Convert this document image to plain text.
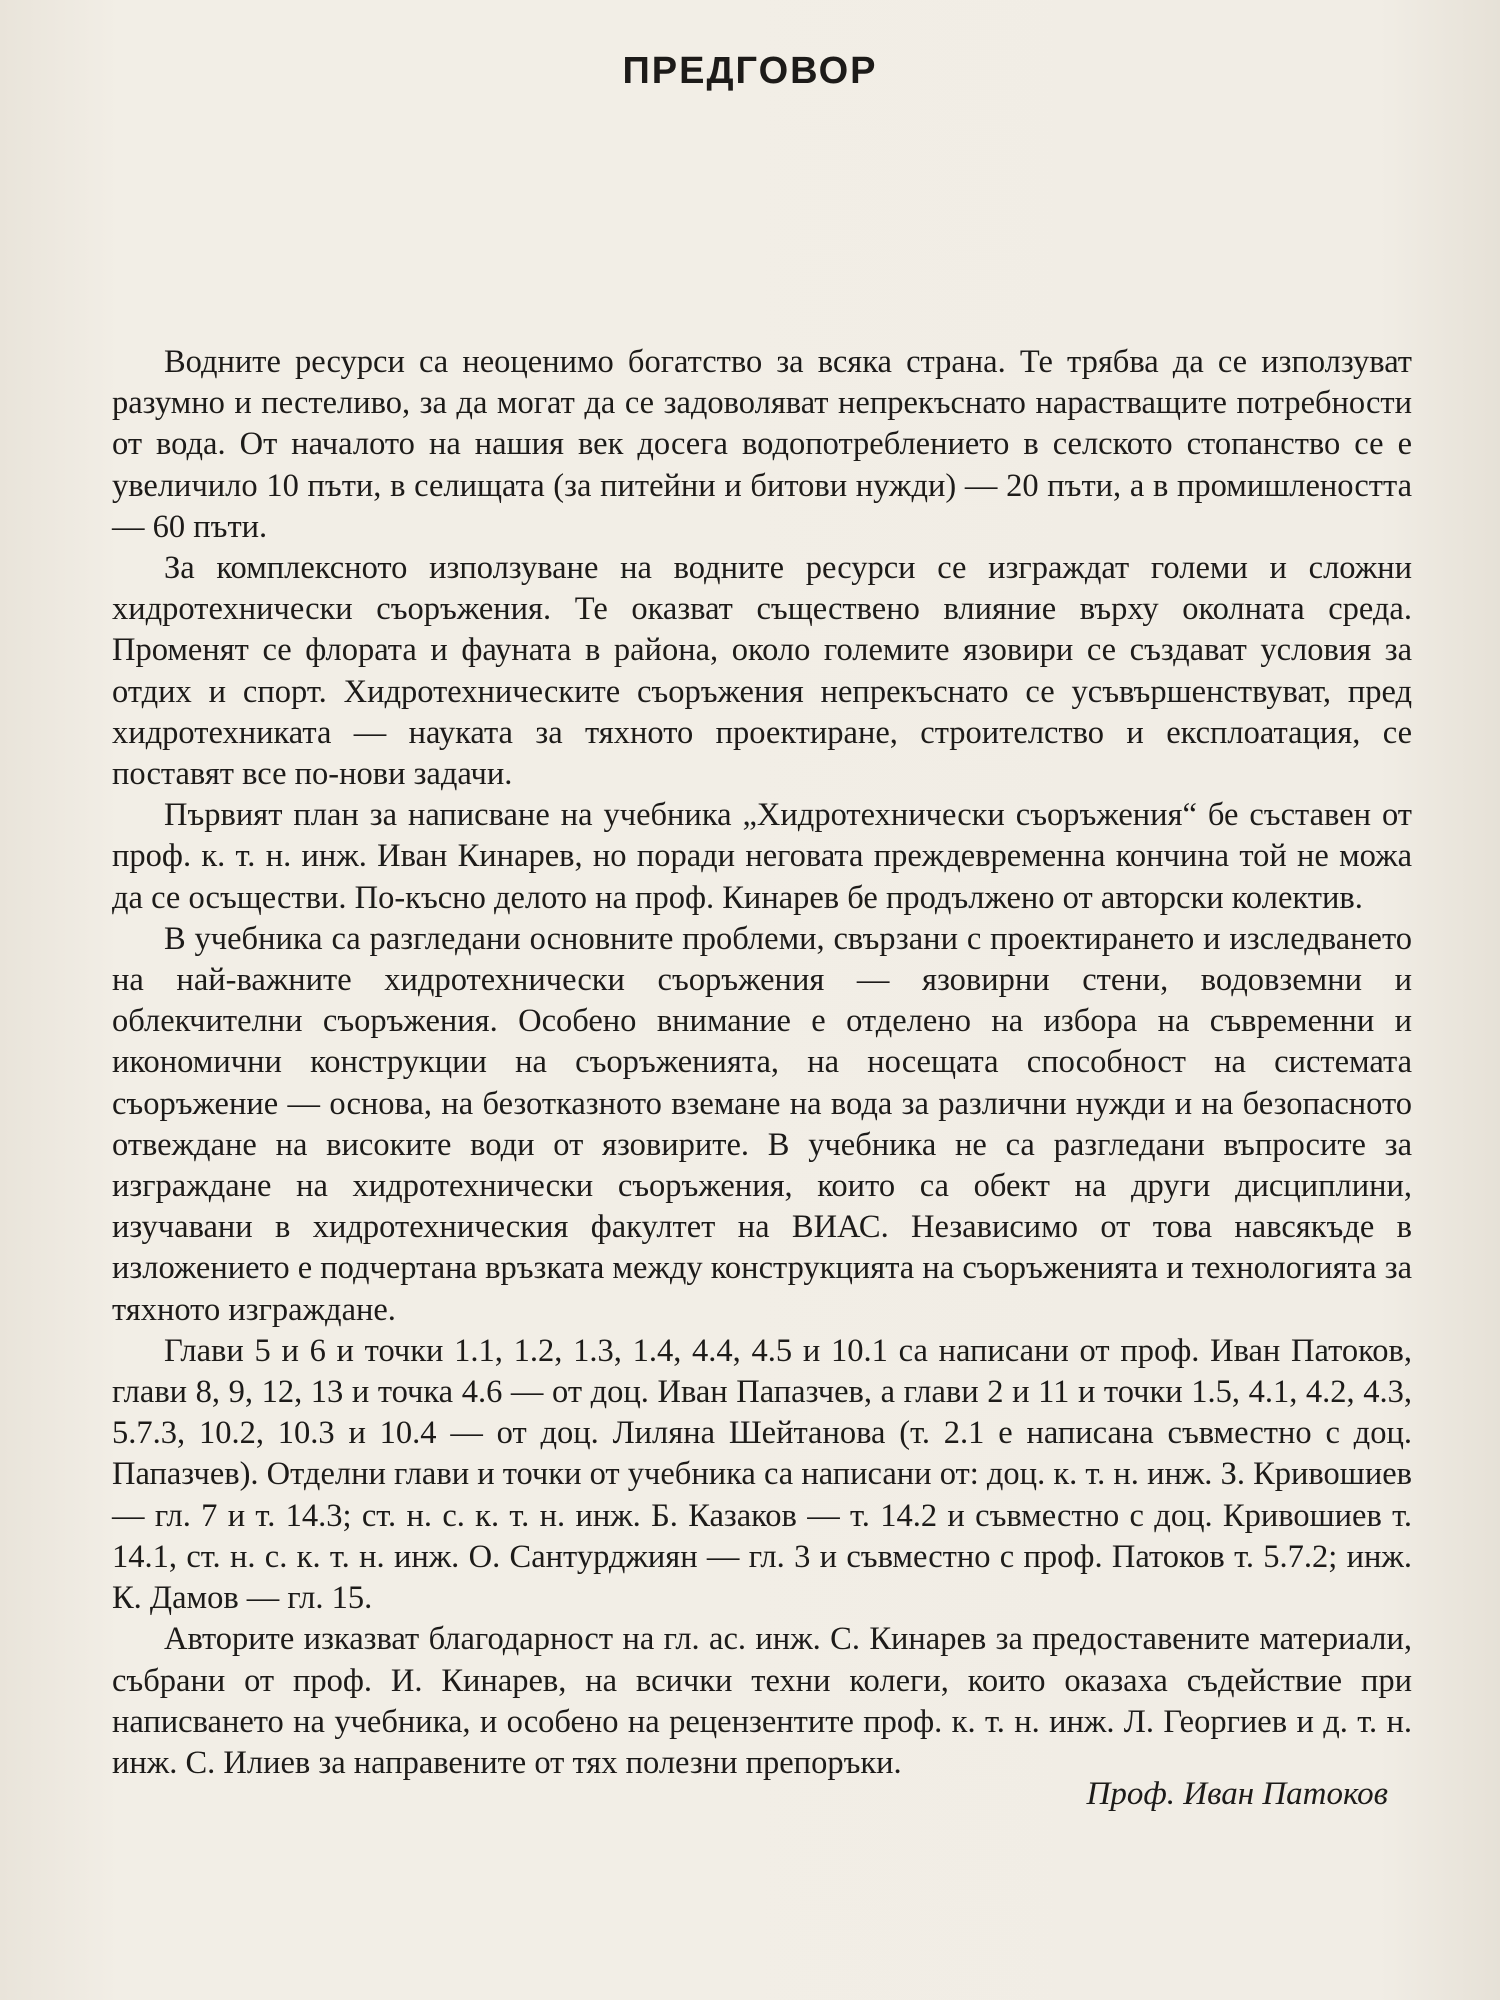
ПРЕДГОВОР

Водните ресурси са неоценимо богатство за всяка страна. Те трябва да се използуват разумно и пестеливо, за да могат да се задоволяват непрекъснато нарастващите потребности от вода. От началото на нашия век досега водопотреблението в селското стопанство се е увеличило 10 пъти, в селищата (за питейни и битови нужди) — 20 пъти, а в промишлеността — 60 пъти.

За комплексното използуване на водните ресурси се изграждат големи и сложни хидротехнически съоръжения. Те оказват съществено влияние върху околната среда. Променят се флората и фауната в района, около големите язовири се създават условия за отдих и спорт. Хидротехническите съоръжения непрекъснато се усъвършенствуват, пред хидротехниката — науката за тяхното проектиране, строителство и експлоатация, се поставят все по-нови задачи.

Първият план за написване на учебника „Хидротехнически съоръжения“ бе съставен от проф. к. т. н. инж. Иван Кинарев, но поради неговата преждевременна кончина той не можа да се осъществи. По-късно делото на проф. Кинарев бе продължено от авторски колектив.

В учебника са разгледани основните проблеми, свързани с проектирането и изследването на най-важните хидротехнически съоръжения — язовирни стени, водовземни и облекчителни съоръжения. Особено внимание е отделено на избора на съвременни и икономични конструкции на съоръженията, на носещата способност на системата съоръжение — основа, на безотказното вземане на вода за различни нужди и на безопасното отвеждане на високите води от язовирите. В учебника не са разгледани въпросите за изграждане на хидротехнически съоръжения, които са обект на други дисциплини, изучавани в хидротехническия факултет на ВИАС. Независимо от това навсякъде в изложението е подчертана връзката между конструкцията на съоръженията и технологията за тяхното изграждане.

Глави 5 и 6 и точки 1.1, 1.2, 1.3, 1.4, 4.4, 4.5 и 10.1 са написани от проф. Иван Патоков, глави 8, 9, 12, 13 и точка 4.6 — от доц. Иван Папазчев, а глави 2 и 11 и точки 1.5, 4.1, 4.2, 4.3, 5.7.3, 10.2, 10.3 и 10.4 — от доц. Лиляна Шейтанова (т. 2.1 е написана съвместно с доц. Папазчев). Отделни глави и точки от учебника са написани от: доц. к. т. н. инж. З. Кривошиев — гл. 7 и т. 14.3; ст. н. с. к. т. н. инж. Б. Казаков — т. 14.2 и съвместно с доц. Кривошиев т. 14.1, ст. н. с. к. т. н. инж. О. Сантурджиян — гл. 3 и съвместно с проф. Патоков т. 5.7.2; инж. К. Дамов — гл. 15.

Авторите изказват благодарност на гл. ас. инж. С. Кинарев за предоставените материали, събрани от проф. И. Кинарев, на всички техни колеги, които оказаха съдействие при написването на учебника, и особено на рецензентите проф. к. т. н. инж. Л. Георгиев и д. т. н. инж. С. Илиев за направените от тях полезни препоръки.

Проф. Иван Патоков
